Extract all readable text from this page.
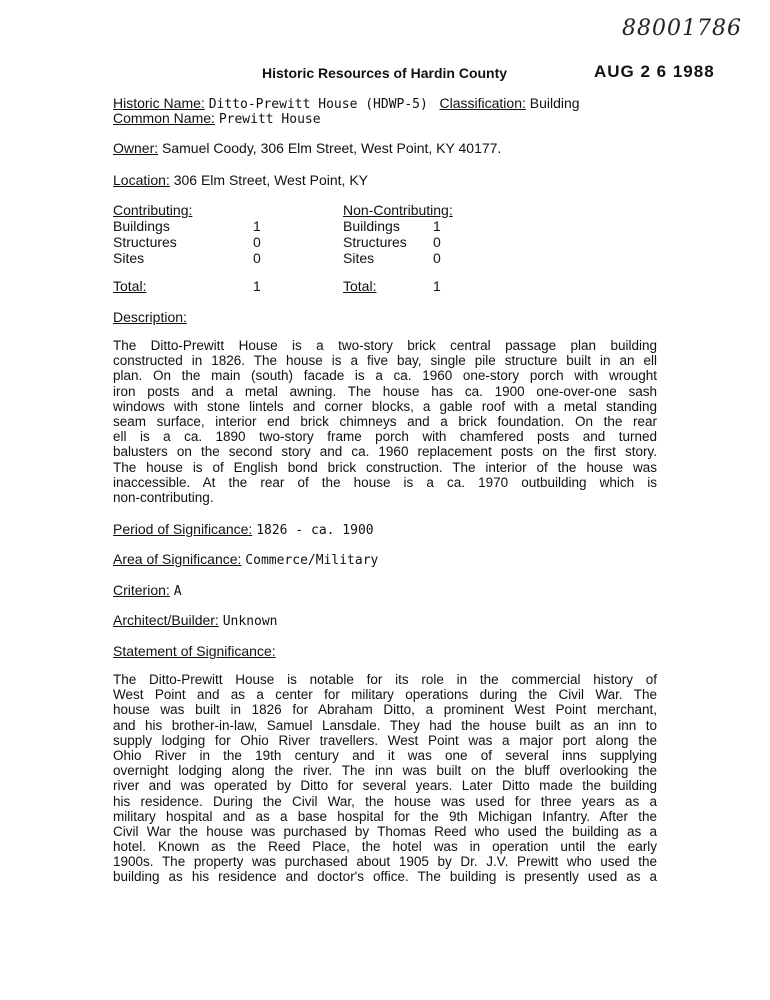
88001786
AUG 2 6 1988
Historic Resources of Hardin County
Historic Name: Ditto-Prewitt House (HDWP-5) Classification: Building
Common Name: Prewitt House
Owner: Samuel Coody, 306 Elm Street, West Point, KY 40177.
Location: 306 Elm Street, West Point, KY
Contributing:
Buildings	1
Structures	0
Sites	0
Total:	1
Non-Contributing:
Buildings	1
Structures	0
Sites	0
Total:	1
Description:
The Ditto-Prewitt House is a two-story brick central passage plan building
constructed in 1826. The house is a five bay, single pile structure built in an ell
plan. On the main (south) facade is a ca. 1960 one-story porch with wrought
iron posts and a metal awning. The house has ca. 1900 one-over-one sash
windows with stone lintels and corner blocks, a gable roof with a metal standing
seam surface, interior end brick chimneys and a brick foundation. On the rear
ell is a ca. 1890 two-story frame porch with chamfered posts and turned
balusters on the second story and ca. 1960 replacement posts on the first story.
The house is of English bond brick construction. The interior of the house was
inaccessible. At the rear of the house is a ca. 1970 outbuilding which is
non-contributing.
Period of Significance: 1826 - ca. 1900
Area of Significance: Commerce/Military
Criterion: A
Architect/Builder: Unknown
Statement of Significance:
The Ditto-Prewitt House is notable for its role in the commercial history of
West Point and as a center for military operations during the Civil War. The
house was built in 1826 for Abraham Ditto, a prominent West Point merchant,
and his brother-in-law, Samuel Lansdale. They had the house built as an inn to
supply lodging for Ohio River travellers. West Point was a major port along the
Ohio River in the 19th century and it was one of several inns supplying
overnight lodging along the river. The inn was built on the bluff overlooking the
river and was operated by Ditto for several years. Later Ditto made the building
his residence. During the Civil War, the house was used for three years as a
military hospital and as a base hospital for the 9th Michigan Infantry. After the
Civil War the house was purchased by Thomas Reed who used the building as a
hotel. Known as the Reed Place, the hotel was in operation until the early
1900s. The property was purchased about 1905 by Dr. J.V. Prewitt who used the
building as his residence and doctor's office. The building is presently used as a
